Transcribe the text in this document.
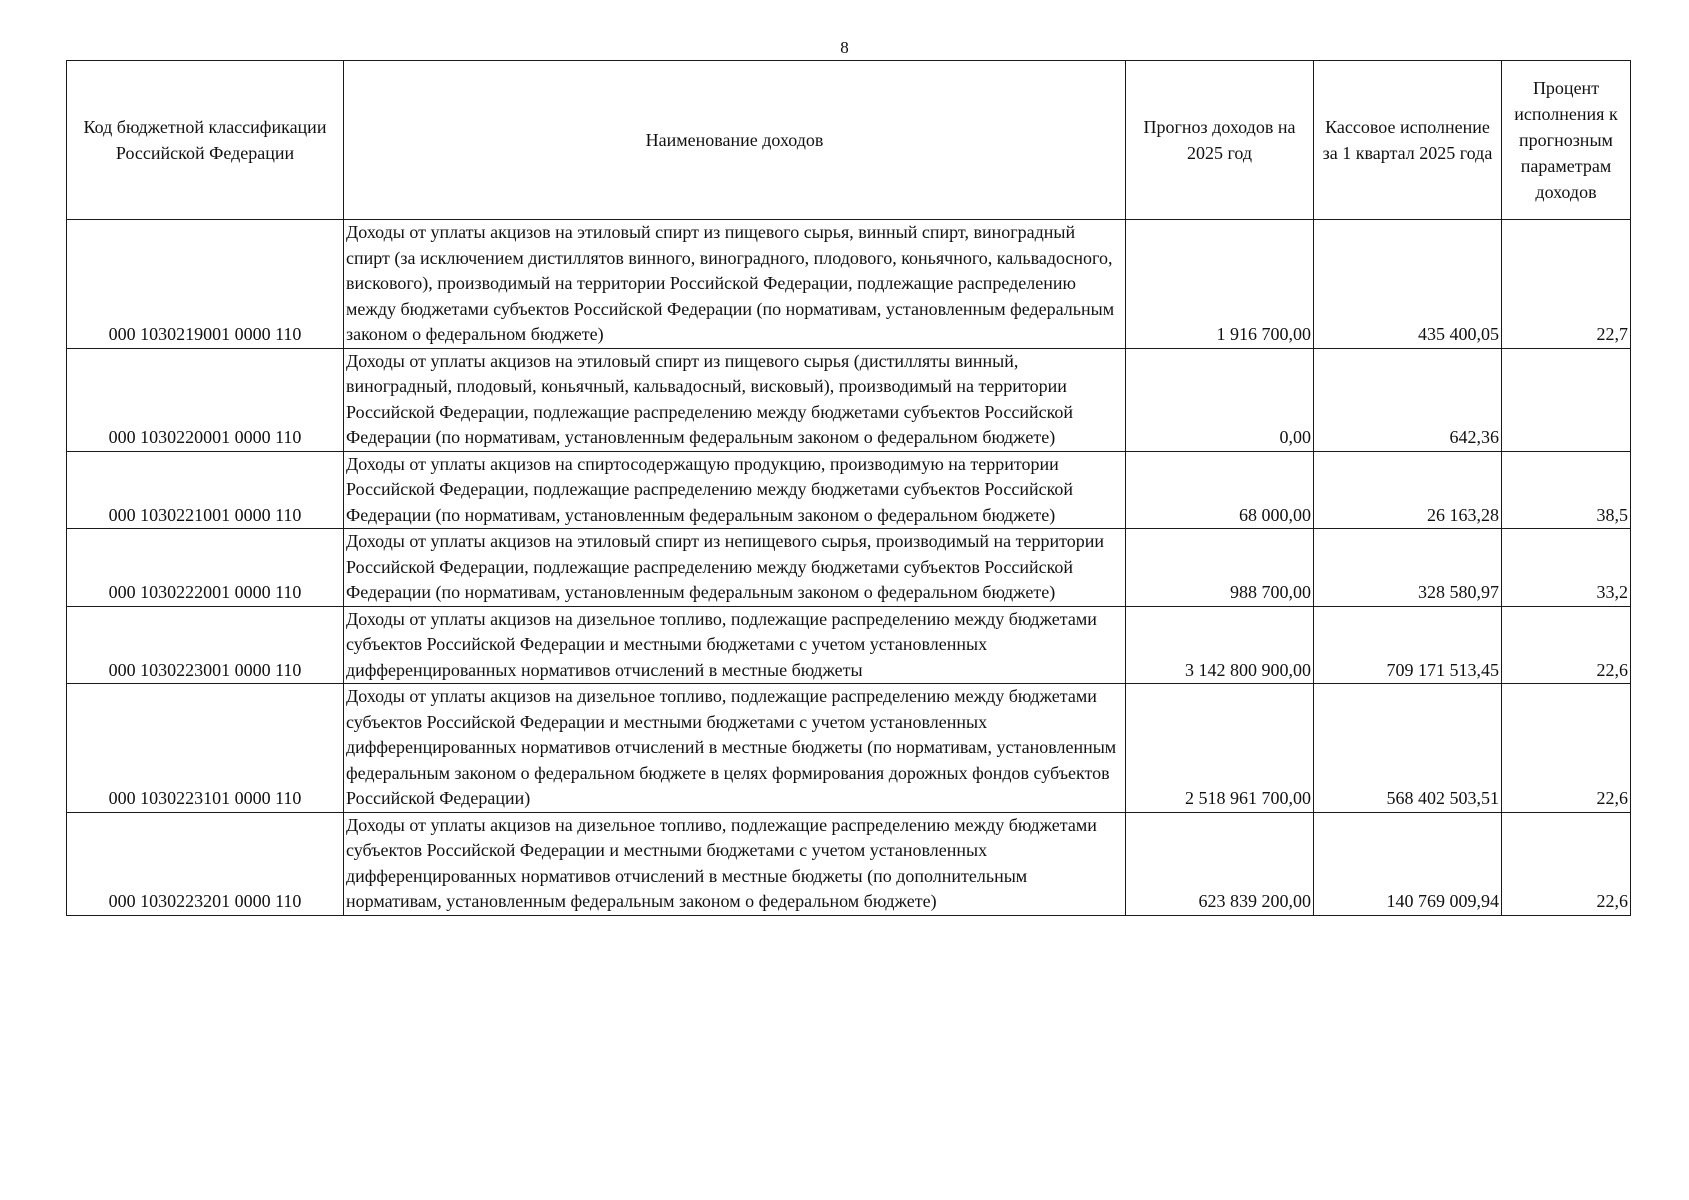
8
Код бюджетной классификации Российской Федерации	Наименование доходов	Прогноз доходов на 2025 год	Кассовое исполнение за 1 квартал 2025 года	Процент исполнения к прогнозным параметрам доходов
000 1030219001 0000 110	Доходы от уплаты акцизов на этиловый спирт из пищевого сырья, винный спирт, виноградный спирт (за исключением дистиллятов винного, виноградного, плодового, коньячного, кальвадосного, вискового), производимый на территории Российской Федерации, подлежащие распределению между бюджетами субъектов Российской Федерации (по нормативам, установленным федеральным законом о федеральном бюджете)	1 916 700,00	435 400,05	22,7
000 1030220001 0000 110	Доходы от уплаты акцизов на этиловый спирт из пищевого сырья (дистилляты винный, виноградный, плодовый, коньячный, кальвадосный, висковый), производимый на территории Российской Федерации, подлежащие распределению между бюджетами субъектов Российской Федерации (по нормативам, установленным федеральным законом о федеральном бюджете)	0,00	642,36	
000 1030221001 0000 110	Доходы от уплаты акцизов на спиртосодержащую продукцию, производимую на территории Российской Федерации, подлежащие распределению между бюджетами субъектов Российской Федерации (по нормативам, установленным федеральным законом о федеральном бюджете)	68 000,00	26 163,28	38,5
000 1030222001 0000 110	Доходы от уплаты акцизов на этиловый спирт из непищевого сырья, производимый на территории Российской Федерации, подлежащие распределению между бюджетами субъектов Российской Федерации (по нормативам, установленным федеральным законом о федеральном бюджете)	988 700,00	328 580,97	33,2
000 1030223001 0000 110	Доходы от уплаты акцизов на дизельное топливо, подлежащие распределению между бюджетами субъектов Российской Федерации и местными бюджетами с учетом установленных дифференцированных нормативов отчислений в местные бюджеты	3 142 800 900,00	709 171 513,45	22,6
000 1030223101 0000 110	Доходы от уплаты акцизов на дизельное топливо, подлежащие распределению между бюджетами субъектов Российской Федерации и местными бюджетами с учетом установленных дифференцированных нормативов отчислений в местные бюджеты (по нормативам, установленным федеральным законом о федеральном бюджете в целях формирования дорожных фондов субъектов Российской Федерации)	2 518 961 700,00	568 402 503,51	22,6
000 1030223201 0000 110	Доходы от уплаты акцизов на дизельное топливо, подлежащие распределению между бюджетами субъектов Российской Федерации и местными бюджетами с учетом установленных дифференцированных нормативов отчислений в местные бюджеты (по дополнительным нормативам, установленным федеральным законом о федеральном бюджете)	623 839 200,00	140 769 009,94	22,6
